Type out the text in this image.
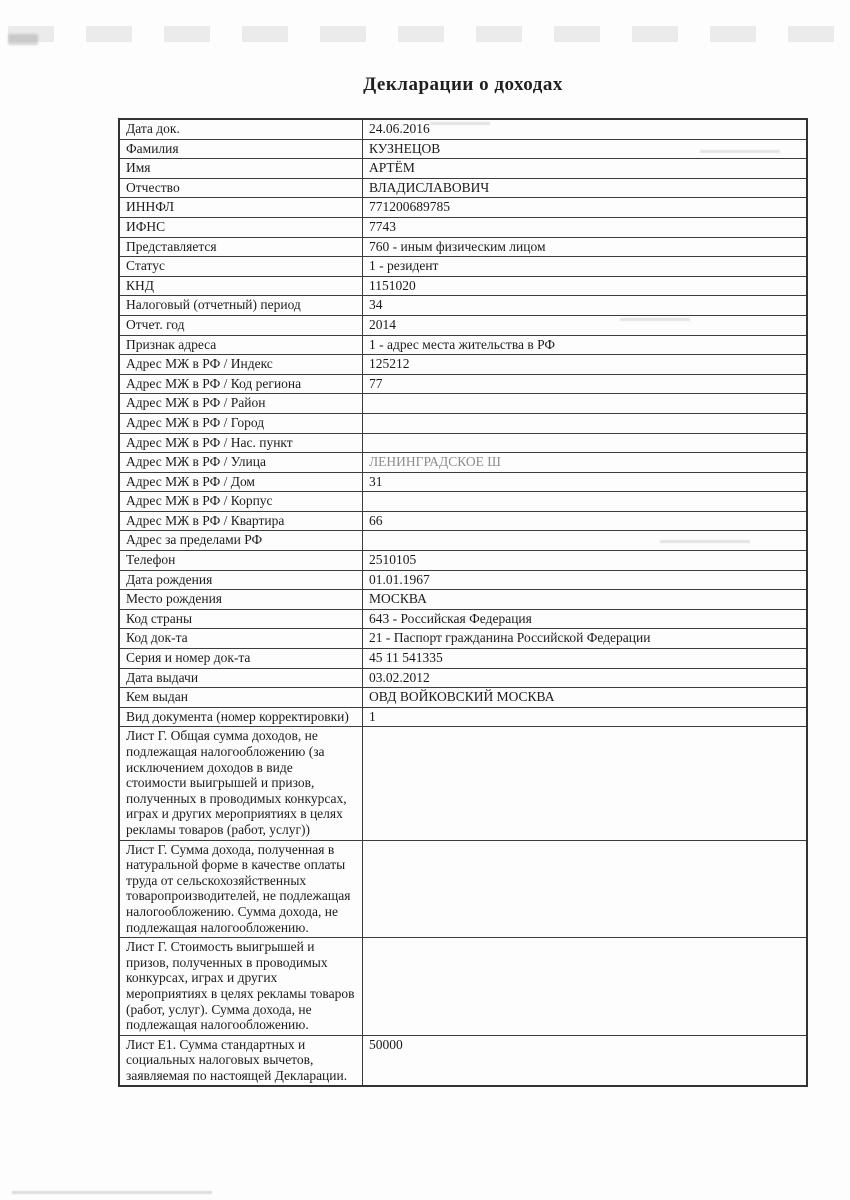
Декларации о доходах
Дата док.	24.06.2016
Фамилия	КУЗНЕЦОВ
Имя	АРТЁМ
Отчество	ВЛАДИСЛАВОВИЧ
ИННФЛ	771200689785
ИФНС	7743
Представляется	760 - иным физическим лицом
Статус	1 - резидент
КНД	1151020
Налоговый (отчетный) период	34
Отчет. год	2014
Признак адреса	1 - адрес места жительства в РФ
Адрес МЖ в РФ / Индекс	125212
Адрес МЖ в РФ / Код региона	77
Адрес МЖ в РФ / Район	
Адрес МЖ в РФ / Город	
Адрес МЖ в РФ / Нас. пункт	
Адрес МЖ в РФ / Улица	ЛЕНИНГРАДСКОЕ Ш
Адрес МЖ в РФ / Дом	31
Адрес МЖ в РФ / Корпус	
Адрес МЖ в РФ / Квартира	66
Адрес за пределами РФ	
Телефон	2510105
Дата рождения	01.01.1967
Место рождения	МОСКВА
Код страны	643 - Российская Федерация
Код док-та	21 - Паспорт гражданина Российской Федерации
Серия и номер док-та	45 11 541335
Дата выдачи	03.02.2012
Кем выдан	ОВД ВОЙКОВСКИЙ МОСКВА
Вид документа (номер корректировки)	1
Лист Г. Общая сумма доходов, не подлежащая налогообложению (за исключением доходов в виде стоимости выигрышей и призов, полученных в проводимых конкурсах, играх и других мероприятиях в целях рекламы товаров (работ, услуг))	
Лист Г. Сумма дохода, полученная в натуральной форме в качестве оплаты труда от сельскохозяйственных товаропроизводителей, не подлежащая налогообложению. Сумма дохода, не подлежащая налогообложению.	
Лист Г. Стоимость выигрышей и призов, полученных в проводимых конкурсах, играх и других мероприятиях в целях рекламы товаров (работ, услуг). Сумма дохода, не подлежащая налогообложению.	
Лист Е1. Сумма стандартных и социальных налоговых вычетов, заявляемая по настоящей Декларации.	50000
